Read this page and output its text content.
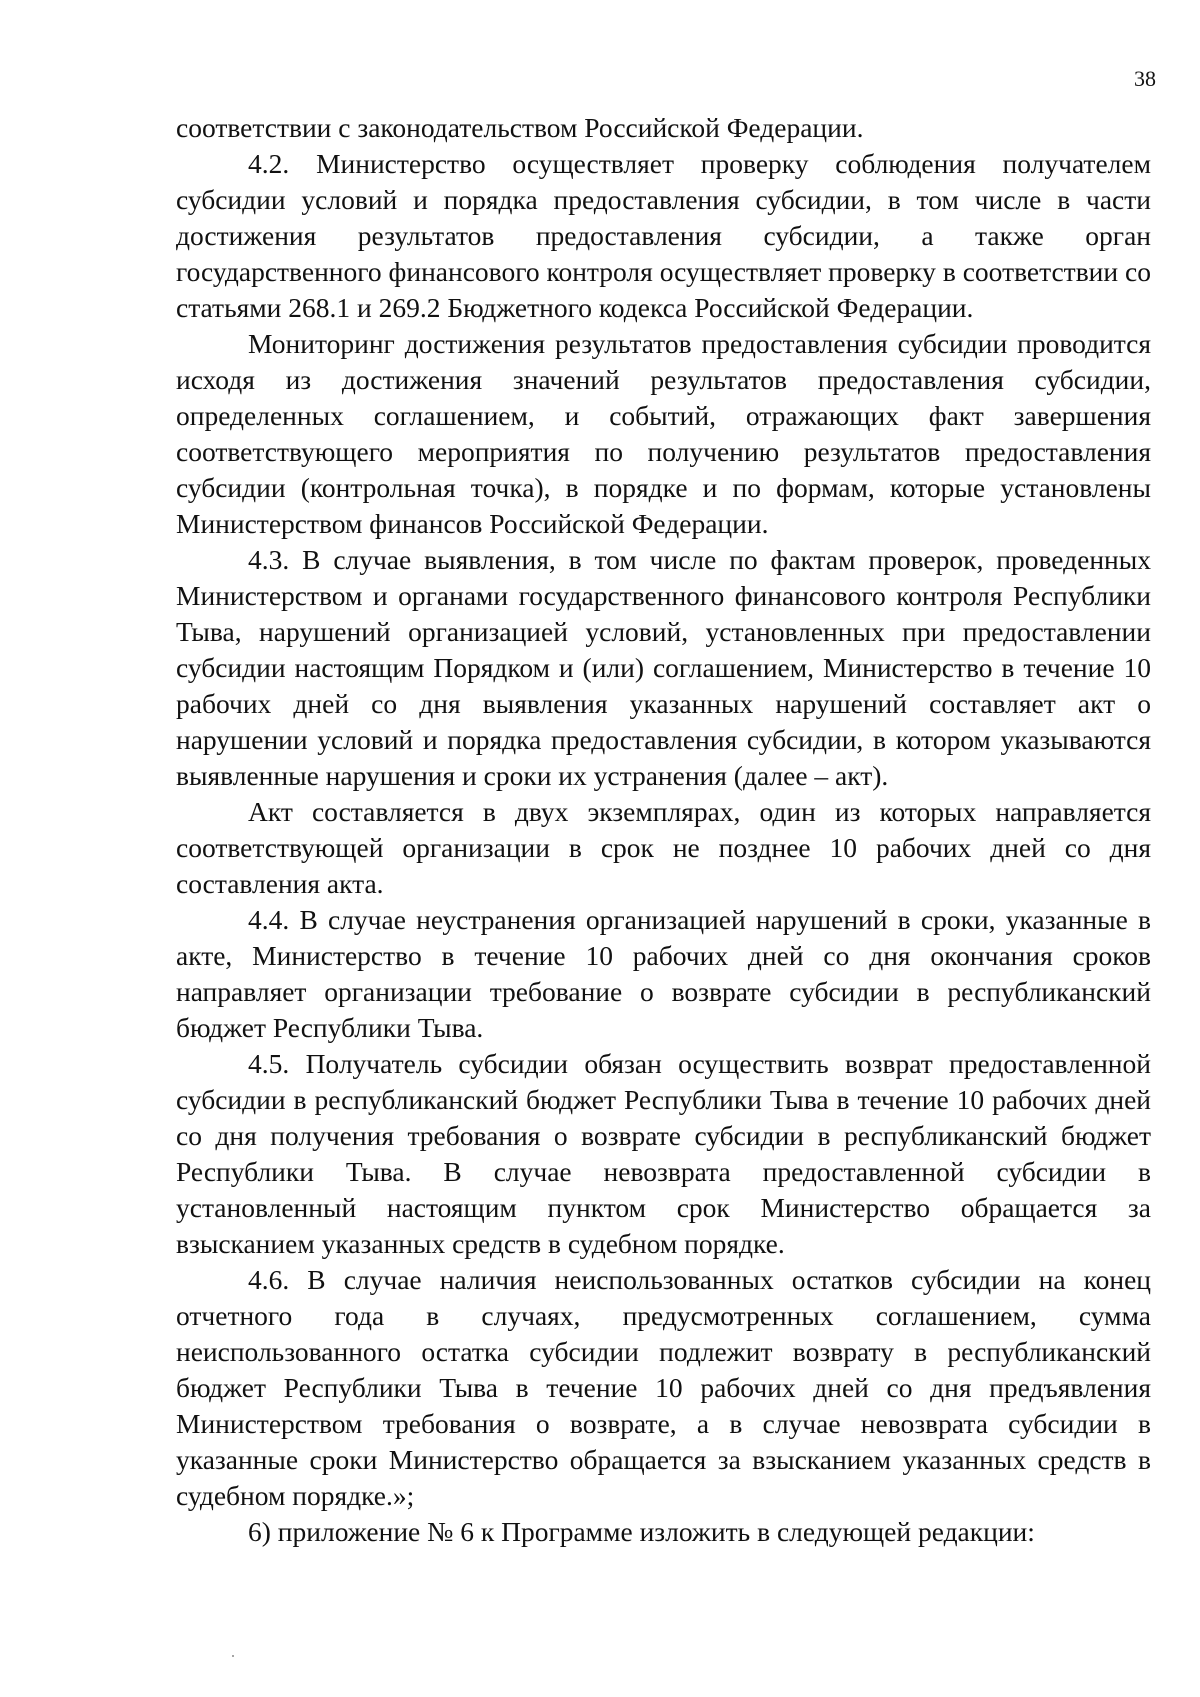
38

соответствии с законодательством Российской Федерации.

4.2. Министерство осуществляет проверку соблюдения получателем субсидии условий и порядка предоставления субсидии, в том числе в части достижения результатов предоставления субсидии, а также орган государственного финансового контроля осуществляет проверку в соответствии со статьями 268.1 и 269.2 Бюджетного кодекса Российской Федерации.

Мониторинг достижения результатов предоставления субсидии проводится исходя из достижения значений результатов предоставления субсидии, определенных соглашением, и событий, отражающих факт завершения соответствующего мероприятия по получению результатов предоставления субсидии (контрольная точка), в порядке и по формам, которые установлены Министерством финансов Российской Федерации.

4.3. В случае выявления, в том числе по фактам проверок, проведенных Министерством и органами государственного финансового контроля Республики Тыва, нарушений организацией условий, установленных при предоставлении субсидии настоящим Порядком и (или) соглашением, Министерство в течение 10 рабочих дней со дня выявления указанных нарушений составляет акт о нарушении условий и порядка предоставления субсидии, в котором указываются выявленные нарушения и сроки их устранения (далее – акт).

Акт составляется в двух экземплярах, один из которых направляется соответствующей организации в срок не позднее 10 рабочих дней со дня составления акта.

4.4. В случае неустранения организацией нарушений в сроки, указанные в акте, Министерство в течение 10 рабочих дней со дня окончания сроков направляет организации требование о возврате субсидии в республиканский бюджет Республики Тыва.

4.5. Получатель субсидии обязан осуществить возврат предоставленной субсидии в республиканский бюджет Республики Тыва в течение 10 рабочих дней со дня получения требования о возврате субсидии в республиканский бюджет Республики Тыва. В случае невозврата предоставленной субсидии в установленный настоящим пунктом срок Министерство обращается за взысканием указанных средств в судебном порядке.

4.6. В случае наличия неиспользованных остатков субсидии на конец отчетного года в случаях, предусмотренных соглашением, сумма неиспользованного остатка субсидии подлежит возврату в республиканский бюджет Республики Тыва в течение 10 рабочих дней со дня предъявления Министерством требования о возврате, а в случае невозврата субсидии в указанные сроки Министерство обращается за взысканием указанных средств в судебном порядке.»;

6) приложение № 6 к Программе изложить в следующей редакции:
